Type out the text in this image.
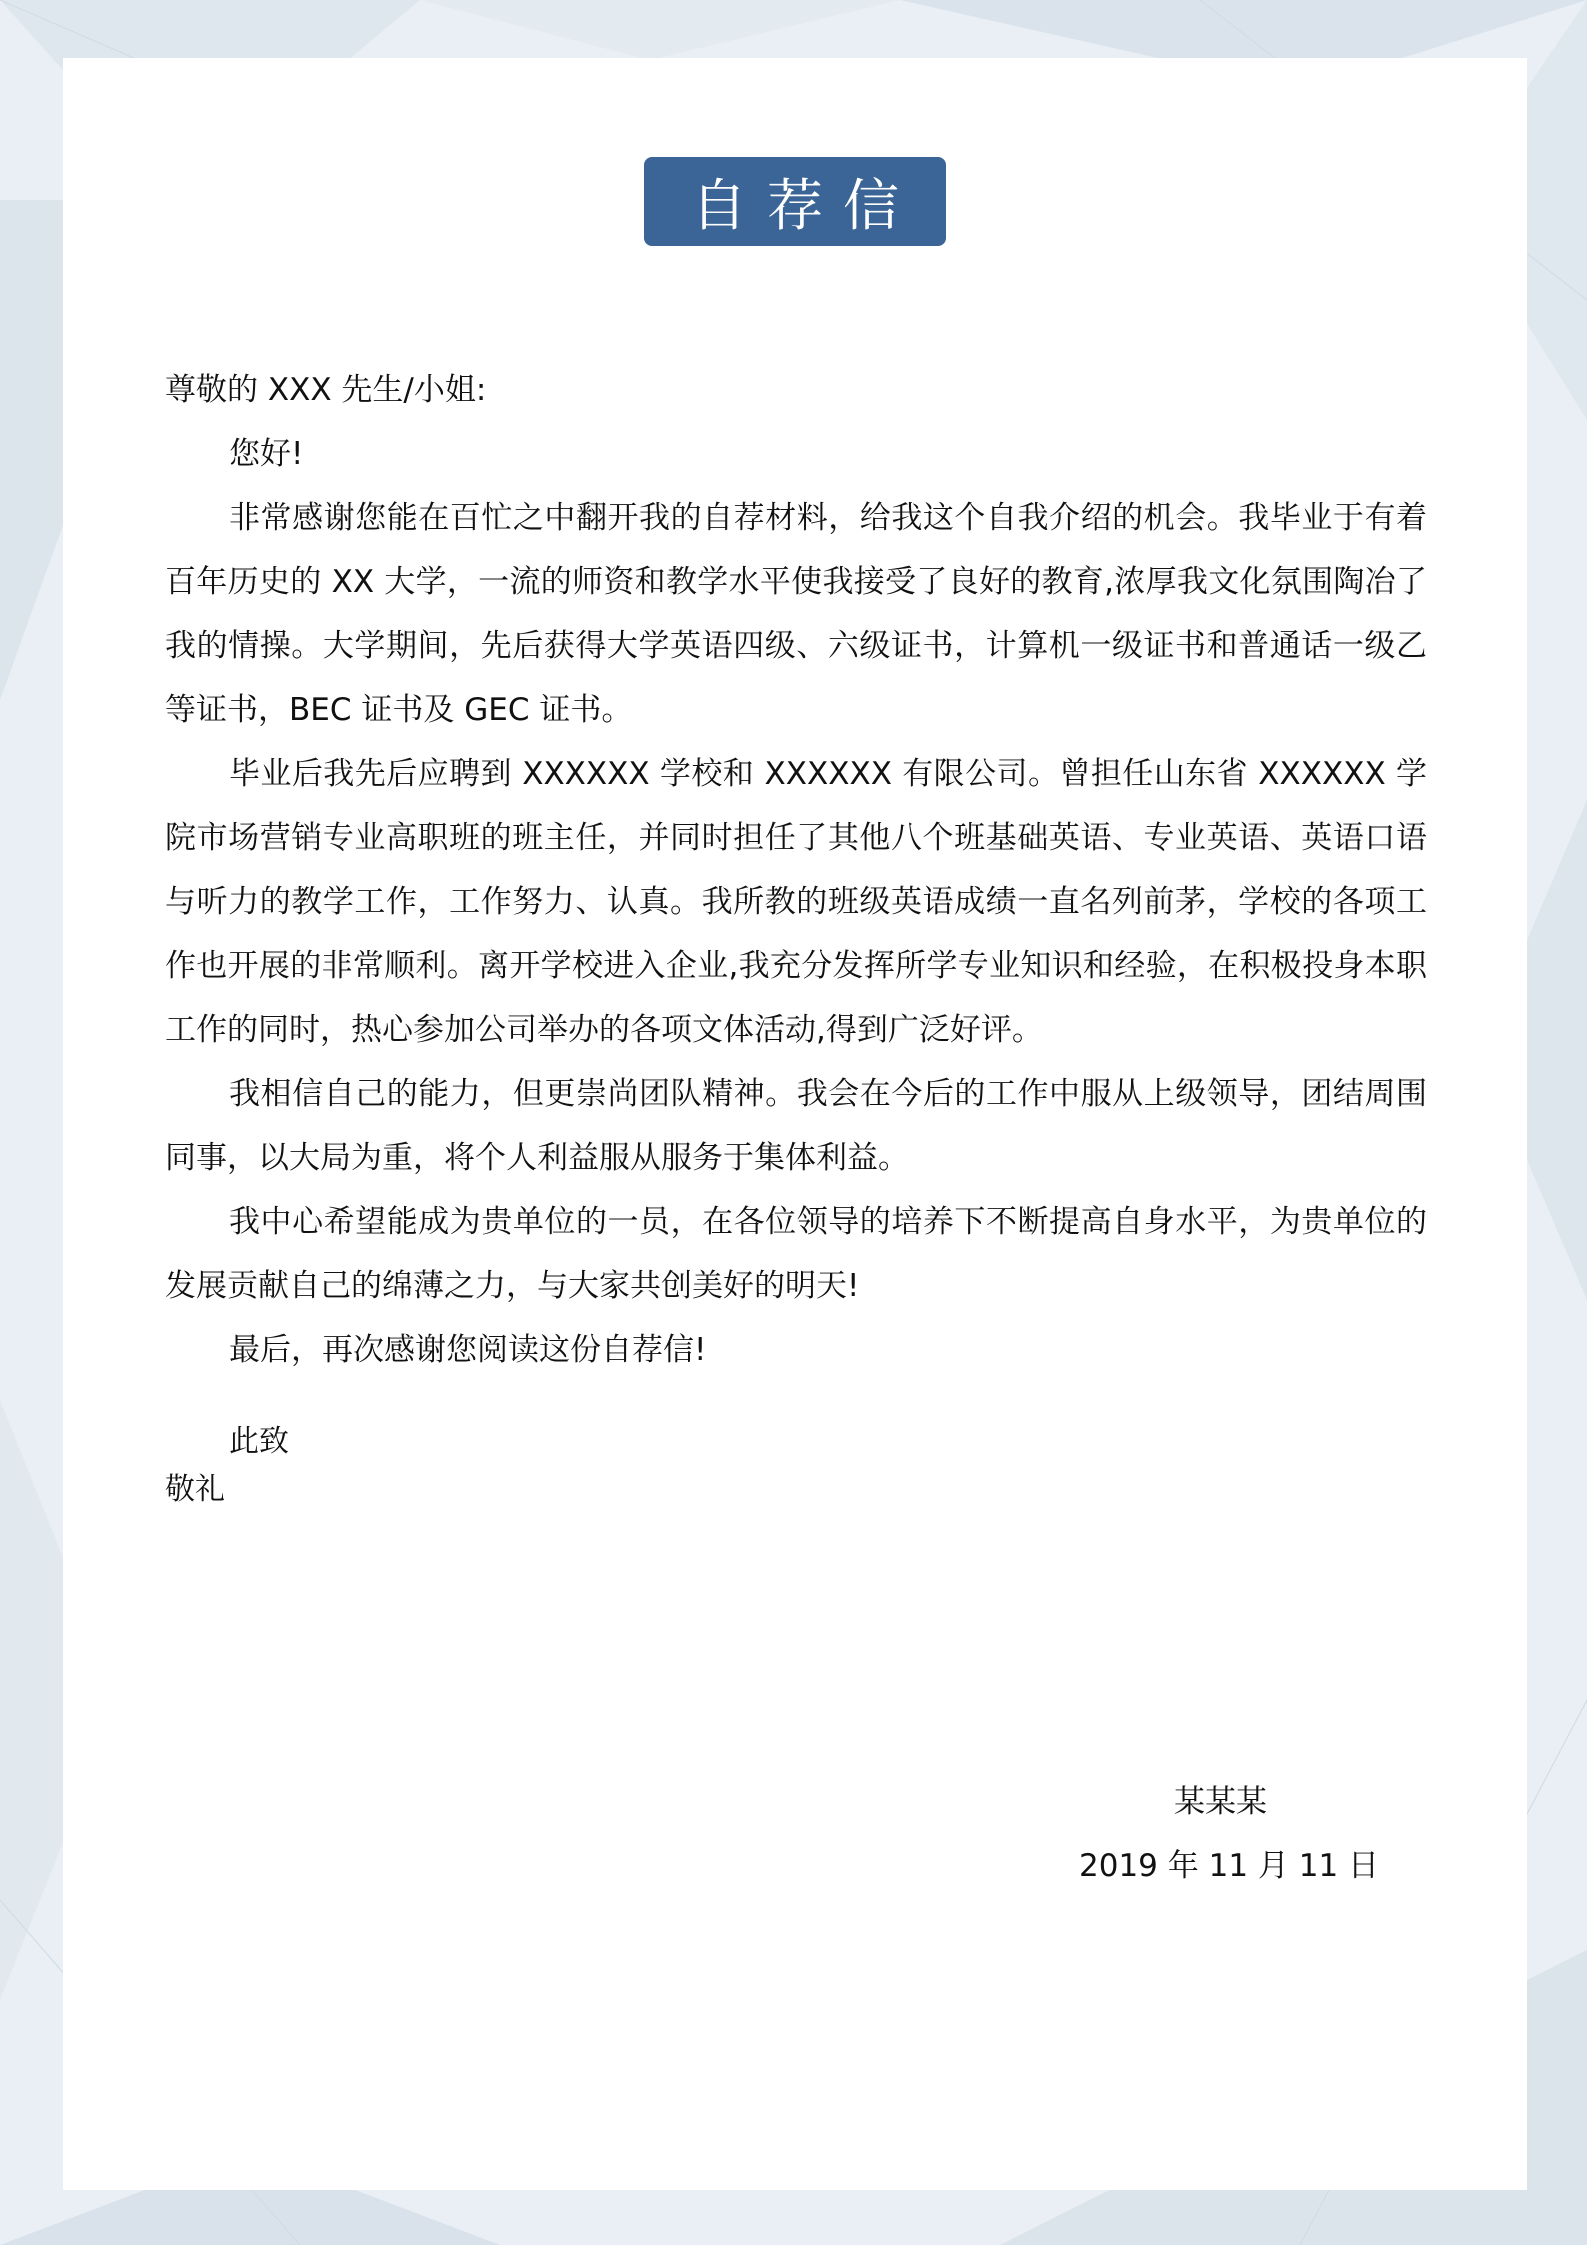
自荐信
尊敬的 XXX 先生/小姐:
您好!
非常感谢您能在百忙之中翻开我的自荐材料，给我这个自我介绍的机会。我毕业于有着百年历史的 XX 大学，一流的师资和教学水平使我接受了良好的教育,浓厚我文化氛围陶冶了我的情操。大学期间，先后获得大学英语四级、六级证书，计算机一级证书和普通话一级乙等证书，BEC 证书及 GEC 证书。
毕业后我先后应聘到 XXXXXX 学校和 XXXXXX 有限公司。曾担任山东省 XXXXXX 学院市场营销专业高职班的班主任，并同时担任了其他八个班基础英语、专业英语、英语口语与听力的教学工作，工作努力、认真。我所教的班级英语成绩一直名列前茅，学校的各项工作也开展的非常顺利。离开学校进入企业,我充分发挥所学专业知识和经验，在积极投身本职工作的同时，热心参加公司举办的各项文体活动,得到广泛好评。
我相信自己的能力，但更崇尚团队精神。我会在今后的工作中服从上级领导，团结周围同事，以大局为重，将个人利益服从服务于集体利益。
我中心希望能成为贵单位的一员，在各位领导的培养下不断提高自身水平，为贵单位的发展贡献自己的绵薄之力，与大家共创美好的明天!
最后，再次感谢您阅读这份自荐信!
此致
敬礼
某某某
2019 年 11 月 11 日
